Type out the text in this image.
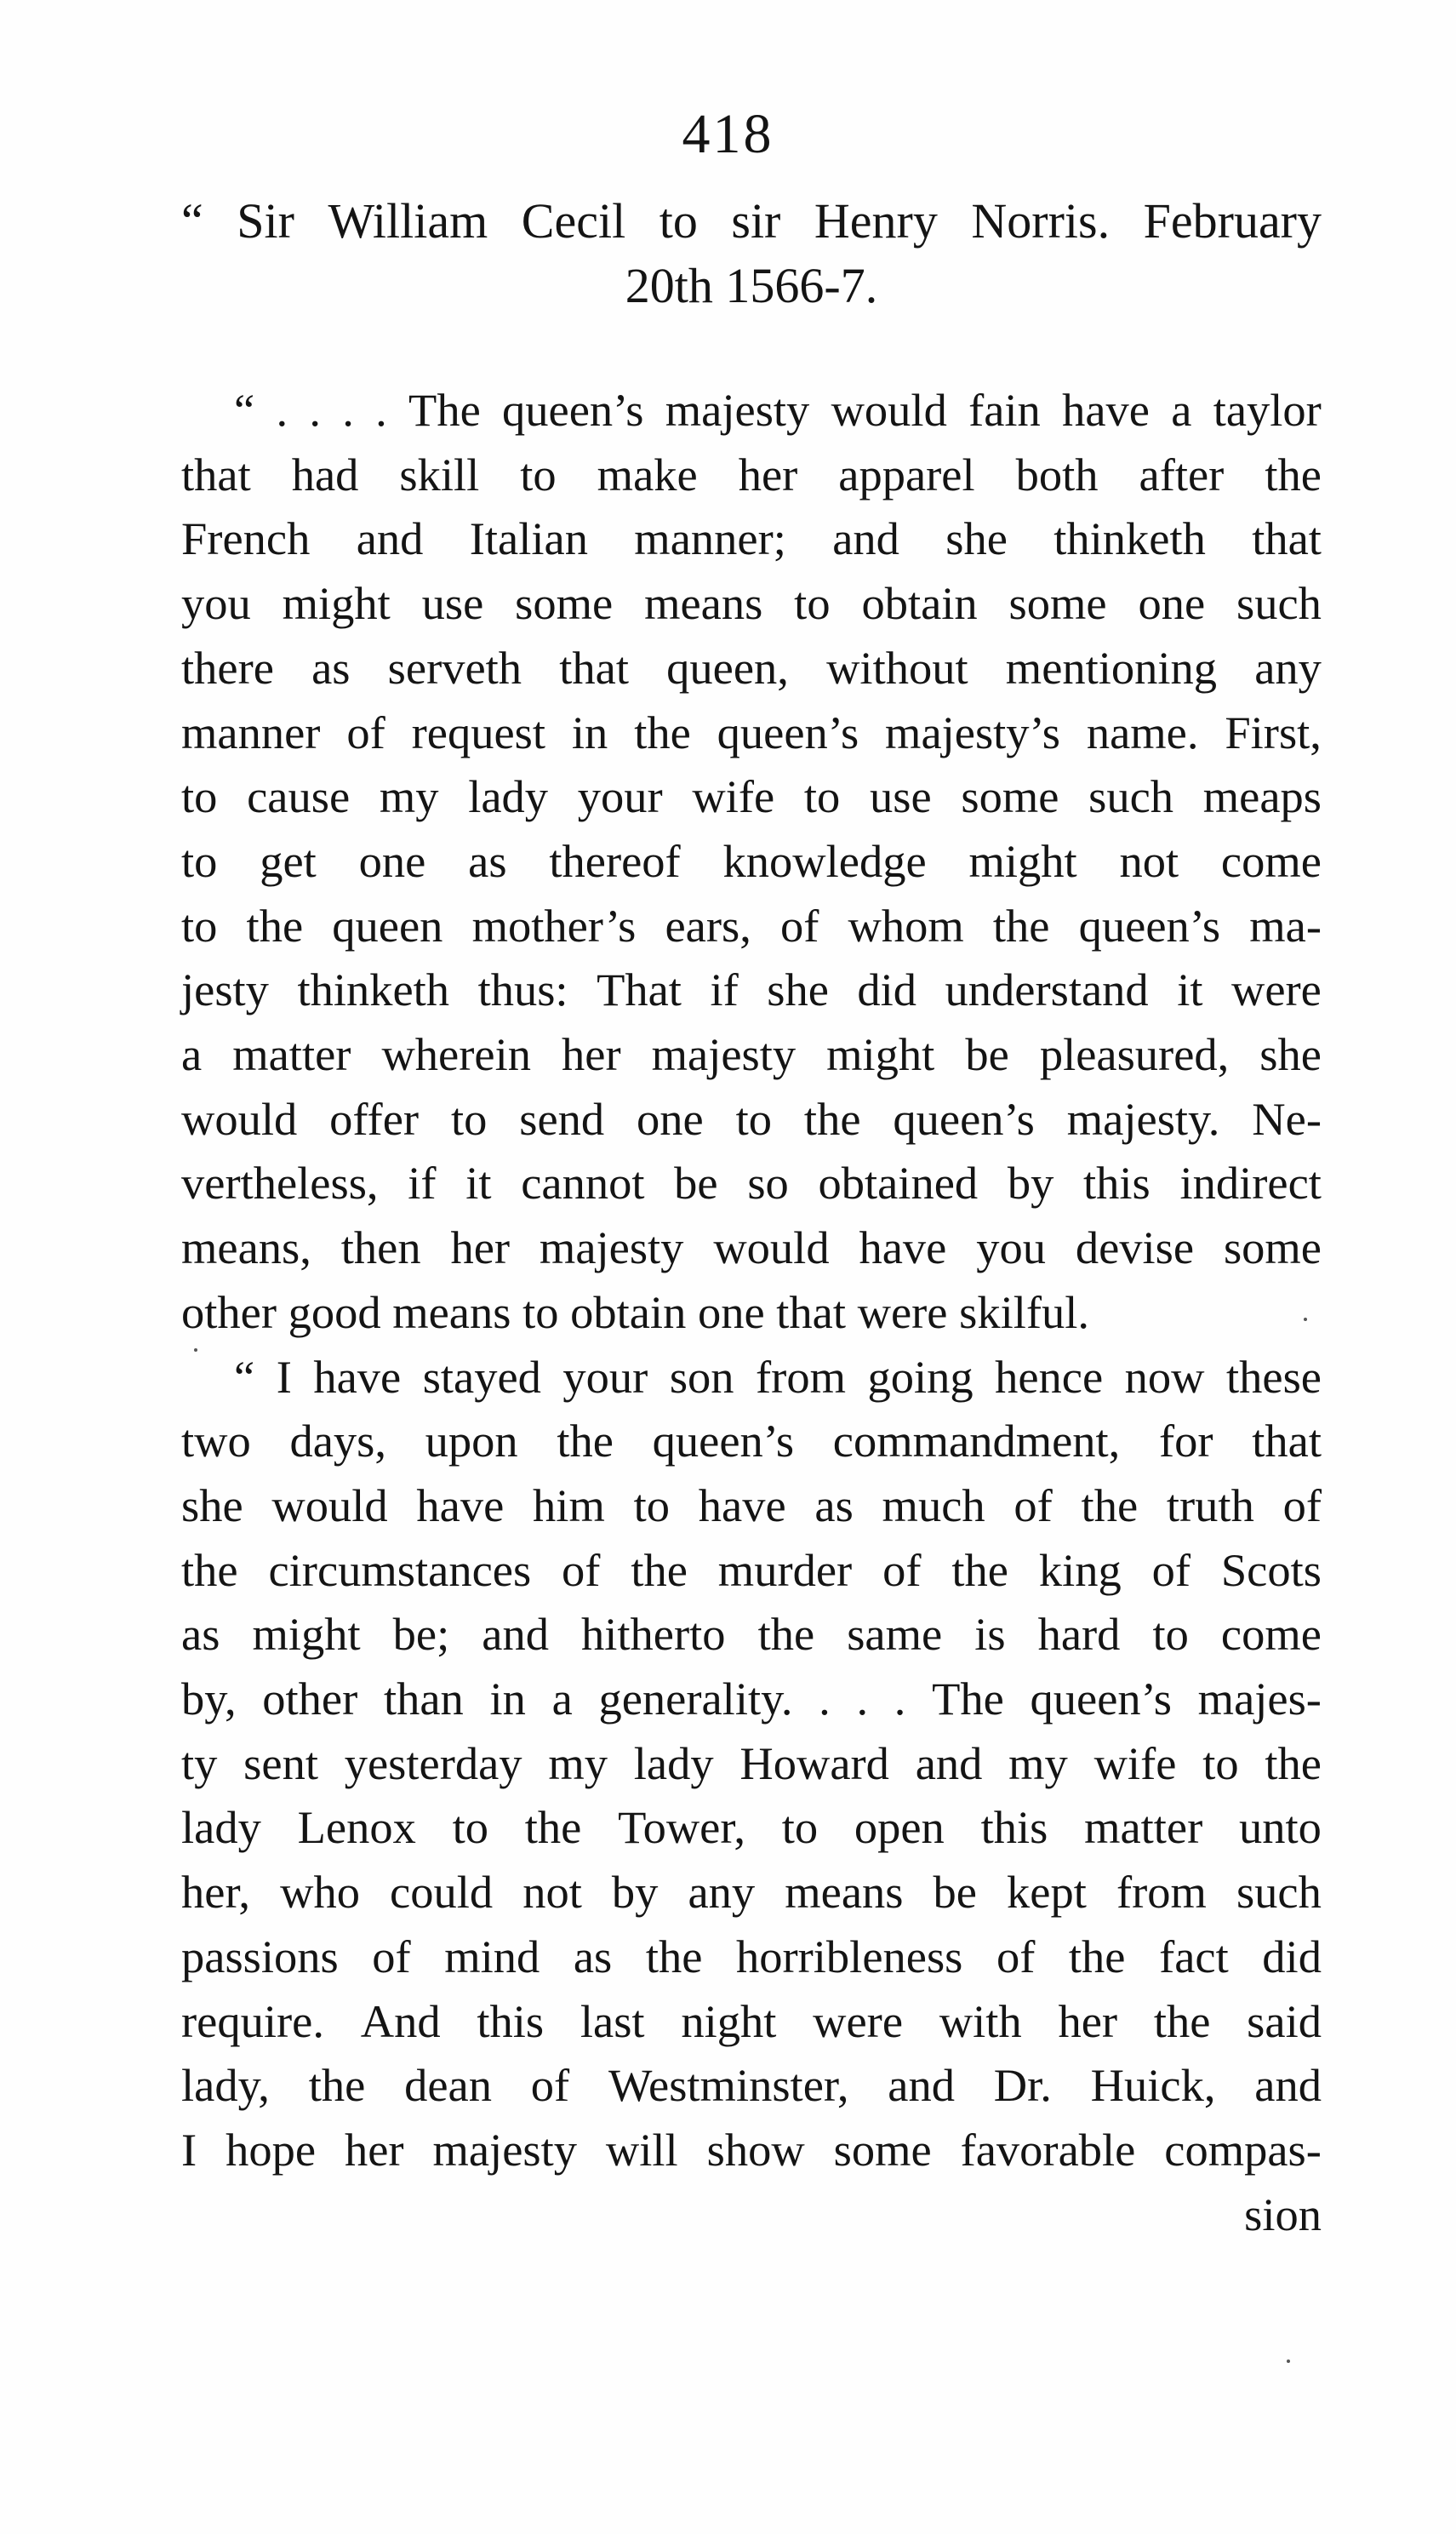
418
“ Sir William Cecil to sir Henry Norris. February
20th 1566-7.
“ . . . . The queen’s majesty would fain have a taylor
that had skill to make her apparel both after the
French and Italian manner; and she thinketh that
you might use some means to obtain some one such
there as serveth that queen, without mentioning any
manner of request in the queen’s majesty’s name. First,
to cause my lady your wife to use some such meaps
to get one as thereof knowledge might not come
to the queen mother’s ears, of whom the queen’s ma-
jesty thinketh thus: That if she did understand it were
a matter wherein her majesty might be pleasured, she
would offer to send one to the queen’s majesty. Ne-
vertheless, if it cannot be so obtained by this indirect
means, then her majesty would have you devise some
other good means to obtain one that were skilful.
“ I have stayed your son from going hence now these
two days, upon the queen’s commandment, for that
she would have him to have as much of the truth of
the circumstances of the murder of the king of Scots
as might be; and hitherto the same is hard to come
by, other than in a generality. . . . The queen’s majes-
ty sent yesterday my lady Howard and my wife to the
lady Lenox to the Tower, to open this matter unto
her, who could not by any means be kept from such
passions of mind as the horribleness of the fact did
require. And this last night were with her the said
lady, the dean of Westminster, and Dr. Huick, and
I hope her majesty will show some favorable compas-
sion
